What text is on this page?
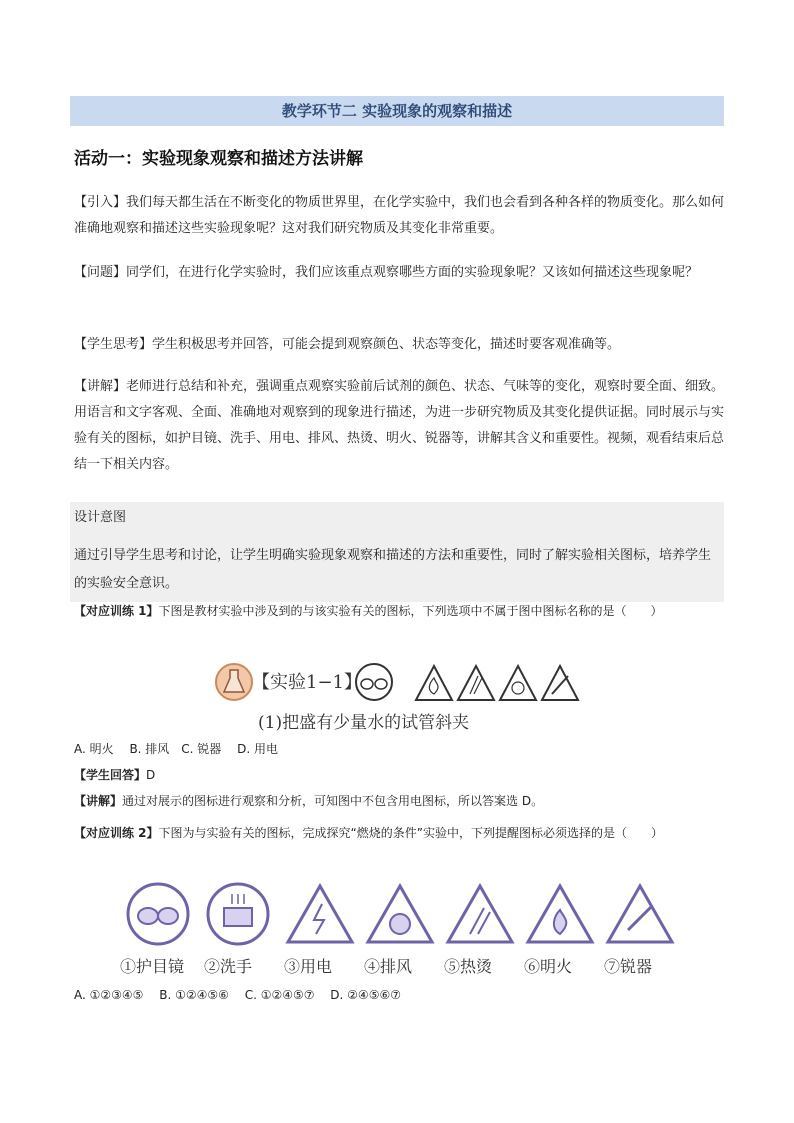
教学环节二 实验现象的观察和描述
活动一：实验现象观察和描述方法讲解
【引入】我们每天都生活在不断变化的物质世界里，在化学实验中，我们也会看到各种各样的物质变化。那么如何准确地观察和描述这些实验现象呢？这对我们研究物质及其变化非常重要。
【问题】同学们，在进行化学实验时，我们应该重点观察哪些方面的实验现象呢？又该如何描述这些现象呢？
【学生思考】学生积极思考并回答，可能会提到观察颜色、状态等变化，描述时要客观准确等。
【讲解】老师进行总结和补充，强调重点观察实验前后试剂的颜色、状态、气味等的变化，观察时要全面、细致。用语言和文字客观、全面、准确地对观察到的现象进行描述，为进一步研究物质及其变化提供证据。同时展示与实验有关的图标，如护目镜、洗手、用电、排风、热烫、明火、锐器等，讲解其含义和重要性。视频，观看结束后总结一下相关内容。
设计意图
通过引导学生思考和讨论，让学生明确实验现象观察和描述的方法和重要性，同时了解实验相关图标，培养学生的实验安全意识。
【对应训练 1】下图是教材实验中涉及到的与该实验有关的图标，下列选项中不属于图中图标名称的是（　　）
【实验1−1】
(1)把盛有少量水的试管斜夹
A. 明火　 B. 排风　C. 锐器　 D. 用电
【学生回答】D
【讲解】通过对展示的图标进行观察和分析，可知图中不包含用电图标，所以答案选 D。
【对应训练 2】下图为与实验有关的图标，完成探究“燃烧的条件”实验中，下列提醒图标必须选择的是（　　）
①护目镜 ②洗手 ③用电 ④排风 ⑤热烫 ⑥明火 ⑦锐器
A. ①②③④⑤　 B. ①②④⑤⑥　 C. ①②④⑤⑦　 D. ②④⑤⑥⑦
